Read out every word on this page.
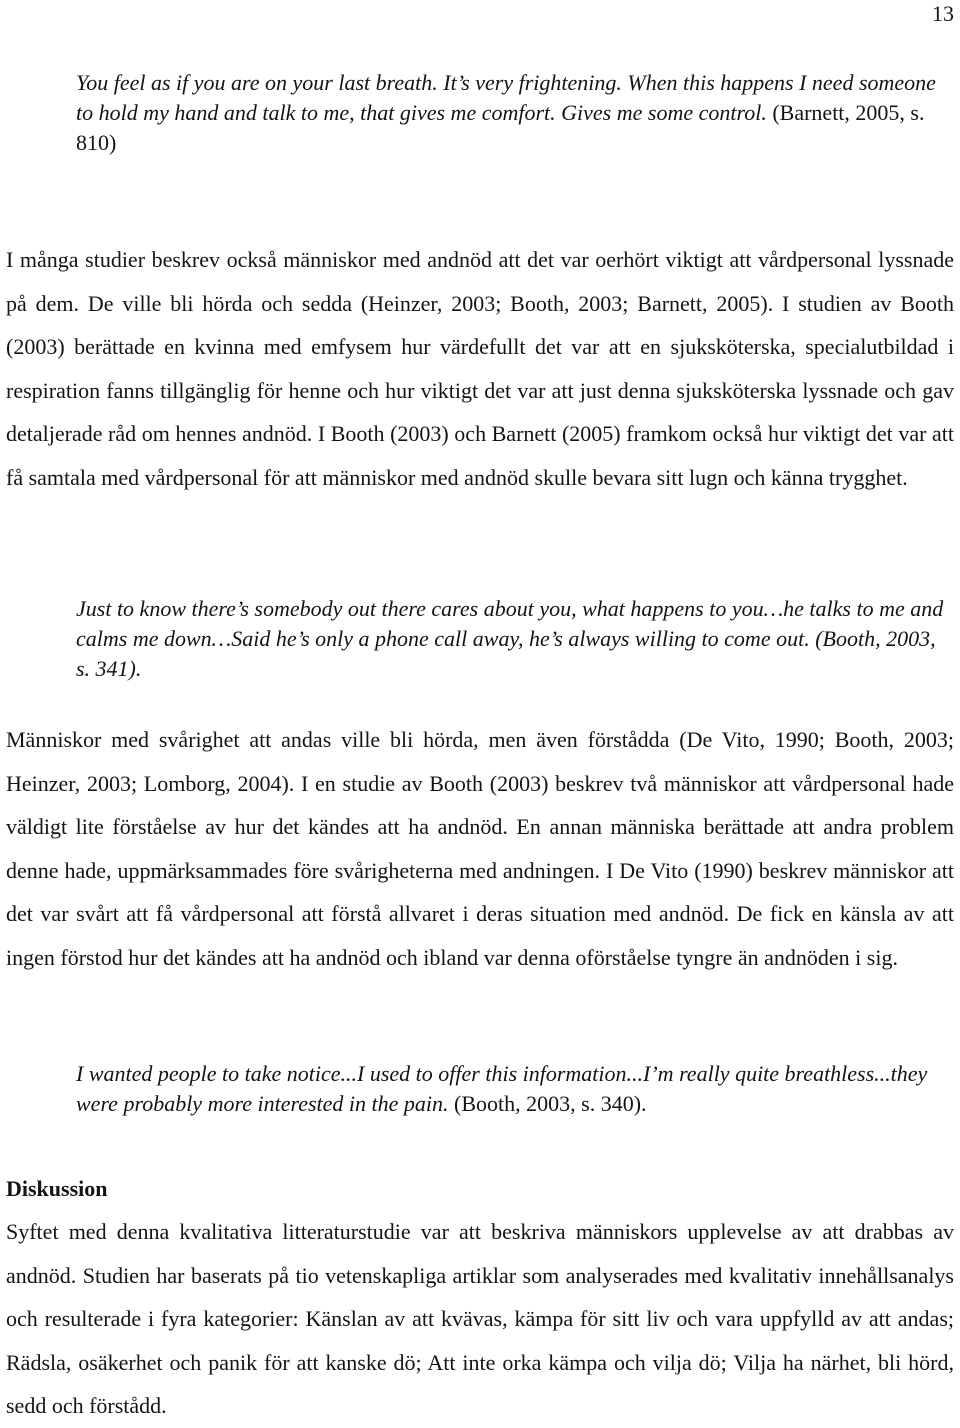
13

You feel as if you are on your last breath. It’s very frightening. When this happens I need someone to hold my hand and talk to me, that gives me comfort. Gives me some control. (Barnett, 2005, s. 810)

I många studier beskrev också människor med andnöd att det var oerhört viktigt att vårdpersonal lyssnade på dem. De ville bli hörda och sedda (Heinzer, 2003; Booth, 2003; Barnett, 2005). I studien av Booth (2003) berättade en kvinna med emfysem hur värdefullt det var att en sjuksköterska, specialutbildad i respiration fanns tillgänglig för henne och hur viktigt det var att just denna sjuksköterska lyssnade och gav detaljerade råd om hennes andnöd. I Booth (2003) och Barnett (2005) framkom också hur viktigt det var att få samtala med vårdpersonal för att människor med andnöd skulle bevara sitt lugn och känna trygghet.

Just to know there’s somebody out there cares about you, what happens to you…he talks to me and calms me down…Said he’s only a phone call away, he’s always willing to come out. (Booth, 2003, s. 341).

Människor med svårighet att andas ville bli hörda, men även förstådda (De Vito, 1990; Booth, 2003; Heinzer, 2003; Lomborg, 2004). I en studie av Booth (2003) beskrev två människor att vårdpersonal hade väldigt lite förståelse av hur det kändes att ha andnöd. En annan människa berättade att andra problem denne hade, uppmärksammades före svårigheterna med andningen. I De Vito (1990) beskrev människor att det var svårt att få vårdpersonal att förstå allvaret i deras situation med andnöd. De fick en känsla av att ingen förstod hur det kändes att ha andnöd och ibland var denna oförståelse tyngre än andnöden i sig.

I wanted people to take notice...I used to offer this information...I’m really quite breathless...they were probably more interested in the pain. (Booth, 2003, s. 340).

Diskussion

Syftet med denna kvalitativa litteraturstudie var att beskriva människors upplevelse av att drabbas av andnöd. Studien har baserats på tio vetenskapliga artiklar som analyserades med kvalitativ innehållsanalys och resulterade i fyra kategorier: Känslan av att kvävas, kämpa för sitt liv och vara uppfylld av att andas; Rädsla, osäkerhet och panik för att kanske dö; Att inte orka kämpa och vilja dö; Vilja ha närhet, bli hörd, sedd och förstådd.
